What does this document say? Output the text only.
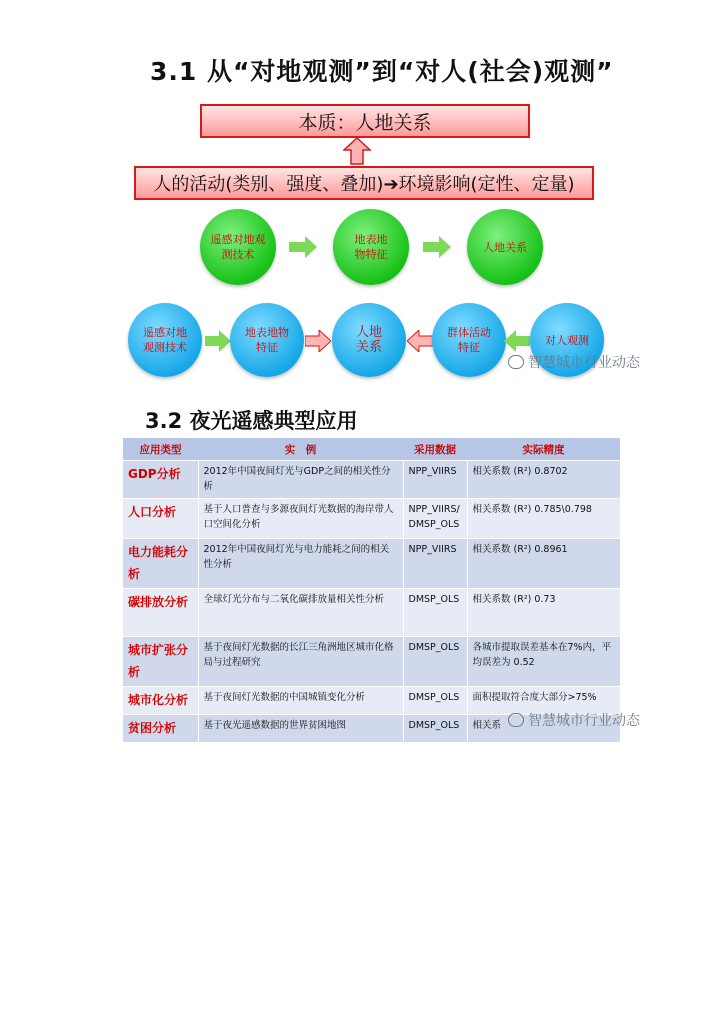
3.1 从“对地观测”到“对人(社会)观测”
本质：人地关系
人的活动(类别、强度、叠加)➔环境影响(定性、定量)
遥感对地观测技术
地表地物特征
人地关系
遥感对地观测技术
地表地物特征
人地关系
群体活动特征
对人观测
智慧城市行业动态
3.2 夜光遥感典型应用
应用类型	实　例	采用数据	实际精度
GDP分析	2012年中国夜间灯光与GDP之间的相关性分析	NPP_VIIRS	相关系数 (R²) 0.8702
人口分析	基于人口普查与多源夜间灯光数据的海岸带人口空间化分析	NPP_VIIRS/ DMSP_OLS	相关系数 (R²) 0.785\0.798
电力能耗分析	2012年中国夜间灯光与电力能耗之间的相关性分析	NPP_VIIRS	相关系数 (R²) 0.8961
碳排放分析	全球灯光分布与二氧化碳排放量相关性分析	DMSP_OLS	相关系数 (R²) 0.73
城市扩张分析	基于夜间灯光数据的长江三角洲地区城市化格局与过程研究	DMSP_OLS	各城市提取误差基本在7%内，平均误差为 0.52
城市化分析	基于夜间灯光数据的中国城镇变化分析	DMSP_OLS	面积提取符合度大部分>75%
贫困分析	基于夜光遥感数据的世界贫困地图	DMSP_OLS	相关系 智慧城市行业动态
